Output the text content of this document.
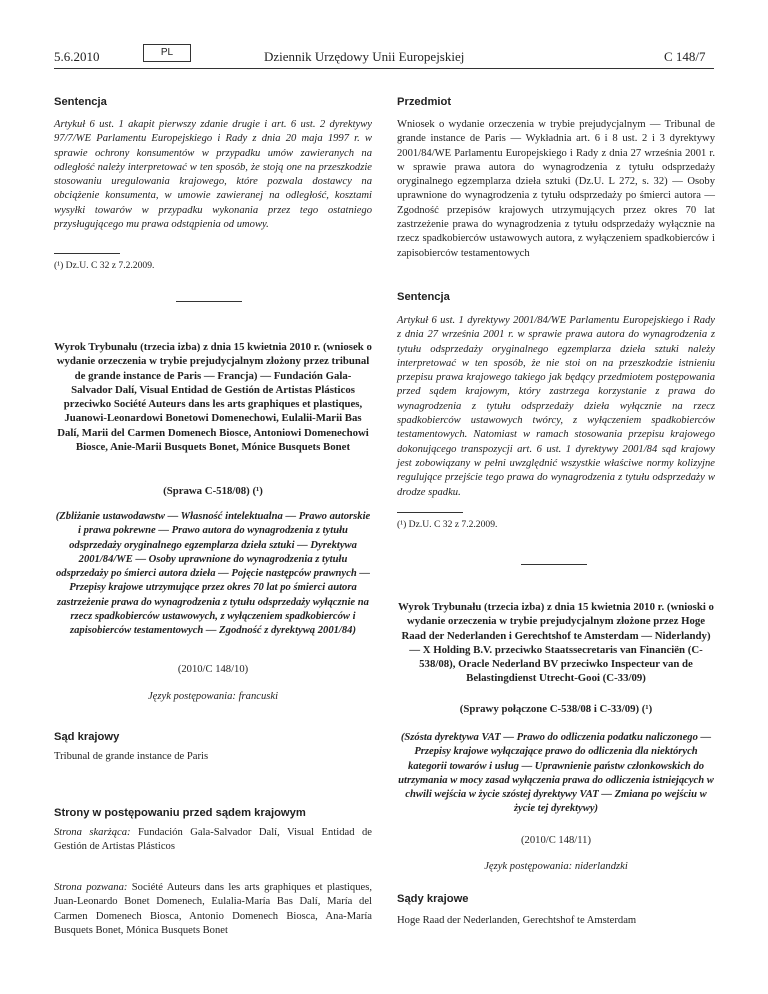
5.6.2010	PL	Dziennik Urzędowy Unii Europejskiej	C 148/7
Sentencja
Artykuł 6 ust. 1 akapit pierwszy zdanie drugie i art. 6 ust. 2 dyrektywy 97/7/WE Parlamentu Europejskiego i Rady z dnia 20 maja 1997 r. w sprawie ochrony konsumentów w przypadku umów zawieranych na odległość należy interpretować w ten sposób, że stoją one na przeszkodzie stosowaniu uregulowania krajowego, które pozwala dostawcy na obciążenie konsumenta, w umowie zawieranej na odległość, kosztami wysyłki towarów w przypadku wykonania przez tego ostatniego przysługującego mu prawa odstąpienia od umowy.
(¹) Dz.U. C 32 z 7.2.2009.
Wyrok Trybunału (trzecia izba) z dnia 15 kwietnia 2010 r. (wniosek o wydanie orzeczenia w trybie prejudycjalnym złożony przez tribunal de grande instance de Paris — Francja) — Fundación Gala-Salvador Dalí, Visual Entidad de Gestión de Artistas Plásticos przeciwko Société Auteurs dans les arts graphiques et plastiques, Juanowi-Leonardowi Bonetowi Domenechowi, Eulalii-Marii Bas Dalí, Marii del Carmen Domenech Biosce, Antoniowi Domenechowi Biosce, Anie-Marii Busquets Bonet, Mónice Busquets Bonet
(Sprawa C-518/08) (¹)
(Zbliżanie ustawodawstw — Własność intelektualna — Prawo autorskie i prawa pokrewne — Prawo autora do wynagrodzenia z tytułu odsprzedaży oryginalnego egzemplarza dzieła sztuki — Dyrektywa 2001/84/WE — Osoby uprawnione do wynagrodzenia z tytułu odsprzedaży po śmierci autora dzieła — Pojęcie następców prawnych — Przepisy krajowe utrzymujące przez okres 70 lat po śmierci autora zastrzeżenie prawa do wynagrodzenia z tytułu odsprzedaży wyłącznie na rzecz spadkobierców ustawowych, z wyłączeniem spadkobierców i zapisobierców testamentowych — Zgodność z dyrektywą 2001/84)
(2010/C 148/10)
Język postępowania: francuski
Sąd krajowy
Tribunal de grande instance de Paris
Strony w postępowaniu przed sądem krajowym
Strona skarżąca: Fundación Gala-Salvador Dalí, Visual Entidad de Gestión de Artistas Plásticos
Strona pozwana: Société Auteurs dans les arts graphiques et plastiques, Juan-Leonardo Bonet Domenech, Eulalia-María Bas Dalí, María del Carmen Domenech Biosca, Antonio Domenech Biosca, Ana-María Busquets Bonet, Mónica Busquets Bonet
Przedmiot
Wniosek o wydanie orzeczenia w trybie prejudycjalnym — Tribunal de grande instance de Paris — Wykładnia art. 6 i 8 ust. 2 i 3 dyrektywy 2001/84/WE Parlamentu Europejskiego i Rady z dnia 27 września 2001 r. w sprawie prawa autora do wynagrodzenia z tytułu odsprzedaży oryginalnego egzemplarza dzieła sztuki (Dz.U. L 272, s. 32) — Osoby uprawnione do wynagrodzenia z tytułu odsprzedaży po śmierci autora — Zgodność przepisów krajowych utrzymujących przez okres 70 lat zastrzeżenie prawa do wynagrodzenia z tytułu odsprzedaży wyłącznie na rzecz spadkobierców ustawowych autora, z wyłączeniem spadkobierców i zapisobierców testamentowych
Sentencja
Artykuł 6 ust. 1 dyrektywy 2001/84/WE Parlamentu Europejskiego i Rady z dnia 27 września 2001 r. w sprawie prawa autora do wynagrodzenia z tytułu odsprzedaży oryginalnego egzemplarza dzieła sztuki należy interpretować w ten sposób, że nie stoi on na przeszkodzie istnieniu przepisu prawa krajowego takiego jak będący przedmiotem postępowania przed sądem krajowym, który zastrzega korzystanie z prawa do wynagrodzenia z tytułu odsprzedaży dzieła wyłącznie na rzecz spadkobierców ustawowych twórcy, z wyłączeniem spadkobierców testamentowych. Natomiast w ramach stosowania przepisu krajowego dokonującego transpozycji art. 6 ust. 1 dyrektywy 2001/84 sąd krajowy jest zobowiązany w pełni uwzględnić wszystkie właściwe normy kolizyjne regulujące przejście tego prawa do wynagrodzenia z tytułu odsprzedaży w drodze spadku.
(¹) Dz.U. C 32 z 7.2.2009.
Wyrok Trybunału (trzecia izba) z dnia 15 kwietnia 2010 r. (wnioski o wydanie orzeczenia w trybie prejudycjalnym złożone przez Hoge Raad der Nederlanden i Gerechtshof te Amsterdam — Niderlandy) — X Holding B.V. przeciwko Staatssecretaris van Financiën (C-538/08), Oracle Nederland BV przeciwko Inspecteur van de Belastingdienst Utrecht-Gooi (C-33/09)
(Sprawy połączone C-538/08 i C-33/09) (¹)
(Szósta dyrektywa VAT — Prawo do odliczenia podatku naliczonego — Przepisy krajowe wyłączające prawo do odliczenia dla niektórych kategorii towarów i usług — Uprawnienie państw członkowskich do utrzymania w mocy zasad wyłączenia prawa do odliczenia istniejących w chwili wejścia w życie szóstej dyrektywy VAT — Zmiana po wejściu w życie tej dyrektywy)
(2010/C 148/11)
Język postępowania: niderlandzki
Sądy krajowe
Hoge Raad der Nederlanden, Gerechtshof te Amsterdam
